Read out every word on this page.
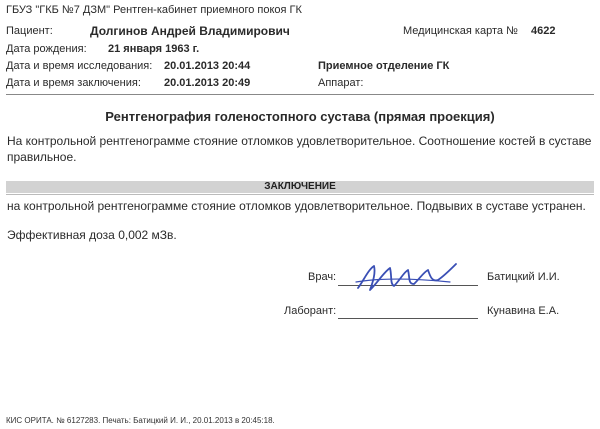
ГБУЗ "ГКБ №7 ДЗМ" Рентген-кабинет приемного покоя ГК
Пациент:	Долгинов Андрей Владимирович	Медицинская карта № 4622
Дата рождения: 21 января 1963 г.
Дата и время исследования: 20.01.2013 20:44	Приемное отделение ГК
Дата и время заключения: 20.01.2013 20:49	Аппарат:
Рентгенография голеностопного сустава (прямая проекция)
На контрольной рентгенограмме стояние отломков удовлетворительное. Соотношение костей в суставе
правильное.
ЗАКЛЮЧЕНИЕ
на контрольной рентгенограмме стояние отломков удовлетворительное. Подвывих в суставе устранен.
Эффективная доза 0,002 мЗв.
Врач:	Батицкий И.И.
Лаборант:	Кунавина Е.А.
КИС ОРИТА. № 6127283. Печать: Батицкий И. И., 20.01.2013 в 20:45:18.
